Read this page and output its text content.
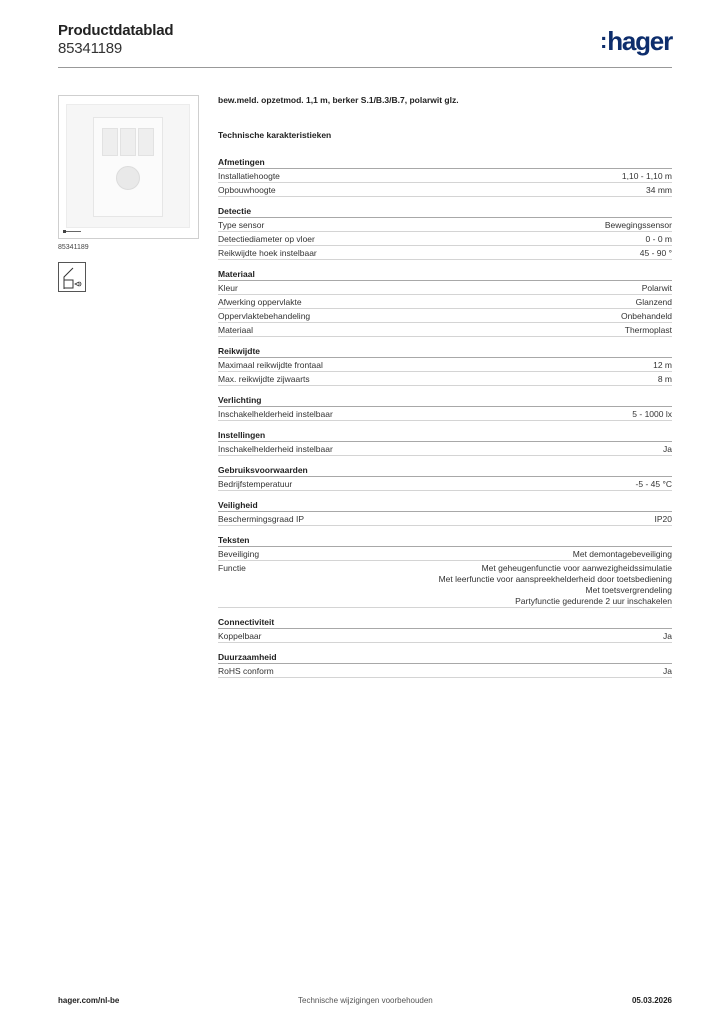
Productdatablad
85341189	:hager
85341189
bew.meld. opzetmod. 1,1 m, berker S.1/B.3/B.7, polarwit glz.
Technische karakteristieken
Afmetingen
Installatiehoogte	1,10 - 1,10 m
Opbouwhoogte	34 mm
Detectie
Type sensor	Bewegingssensor
Detectiediameter op vloer	0 - 0 m
Reikwijdte hoek instelbaar	45 - 90 °
Materiaal
Kleur	Polarwit
Afwerking oppervlakte	Glanzend
Oppervlaktebehandeling	Onbehandeld
Materiaal	Thermoplast
Reikwijdte
Maximaal reikwijdte frontaal	12 m
Max. reikwijdte zijwaarts	8 m
Verlichting
Inschakelhelderheid instelbaar	5 - 1000 lx
Instellingen
Inschakelhelderheid instelbaar	Ja
Gebruiksvoorwaarden
Bedrijfstemperatuur	-5 - 45 °C
Veiligheid
Beschermingsgraad IP	IP20
Teksten
Beveiliging	Met demontagebeveiliging
Functie	Met geheugenfunctie voor aanwezigheidssimulatie
Met leerfunctie voor aanspreekhelderheid door toetsbediening
Met toetsvergrendeling
Partyfunctie gedurende 2 uur inschakelen
Connectiviteit
Koppelbaar	Ja
Duurzaamheid
RoHS conform	Ja
hager.com/nl-be	Technische wijzigingen voorbehouden	05.03.2026
